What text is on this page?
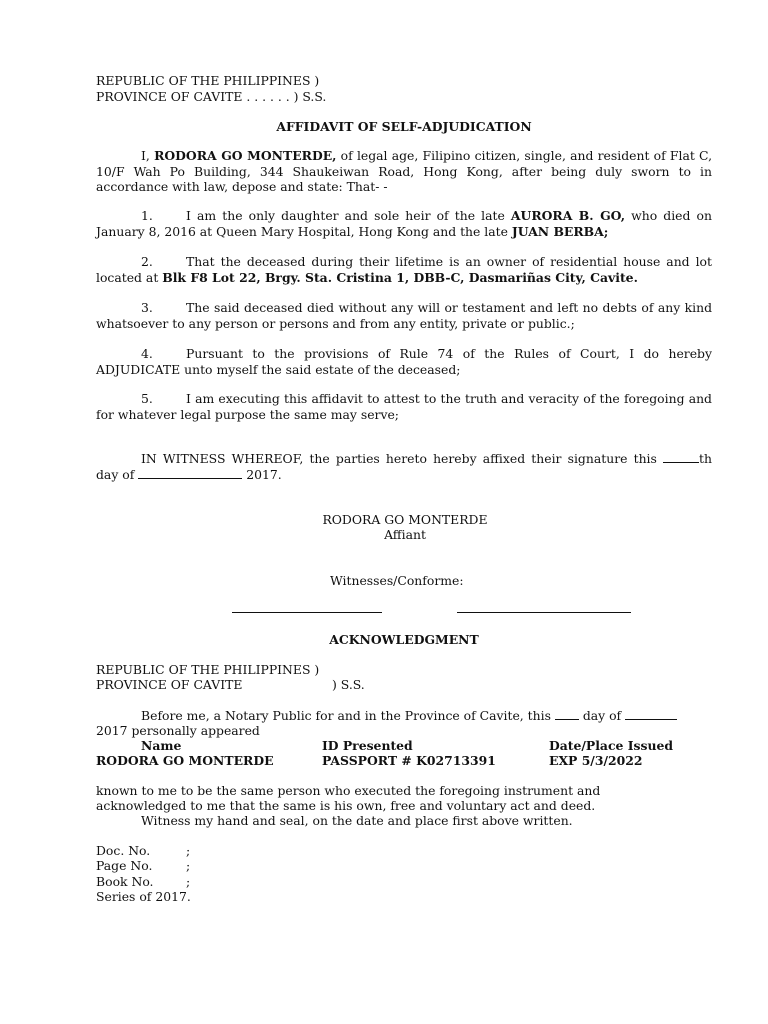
REPUBLIC OF THE PHILIPPINES )
PROVINCE OF CAVITE . . . . . . ) S.S.
AFFIDAVIT OF SELF-ADJUDICATION
I, RODORA GO MONTERDE, of legal age, Filipino citizen, single, and resident of Flat C, 10/F Wah Po Building, 344 Shaukeiwan Road, Hong Kong, after being duly sworn to in accordance with law, depose and state: That- -
1.	I am the only daughter and sole heir of the late AURORA B. GO, who died on January 8, 2016 at Queen Mary Hospital, Hong Kong and the late JUAN BERBA;
2.	That the deceased during their lifetime is an owner of residential house and lot located at Blk F8 Lot 22, Brgy. Sta. Cristina 1, DBB-C, Dasmariñas City, Cavite.
3.	The said deceased died without any will or testament and left no debts of any kind whatsoever to any person or persons and from any entity, private or public.;
4.	Pursuant to the provisions of Rule 74 of the Rules of Court, I do hereby ADJUDICATE unto myself the said estate of the deceased;
5.	I am executing this affidavit to attest to the truth and veracity of the foregoing and for whatever legal purpose the same may serve;
IN WITNESS WHEREOF, the parties hereto hereby affixed their signature this	th day of	2017.
RODORA GO MONTERDE
Affiant
Witnesses/Conforme:
ACKNOWLEDGMENT
REPUBLIC OF THE PHILIPPINES )
PROVINCE OF CAVITE	) S.S.
Before me, a Notary Public for and in the Province of Cavite, this  day of
2017 personally appeared
Name	ID Presented	Date/Place Issued
RODORA GO MONTERDE	PASSPORT # K02713391	EXP 5/3/2022
known to me to be the same person who executed the foregoing instrument and
acknowledged to me that the same is his own, free and voluntary act and deed.
Witness my hand and seal, on the date and place first above written.
Doc. No.	;
Page No.	;
Book No.	;
Series of 2017.
